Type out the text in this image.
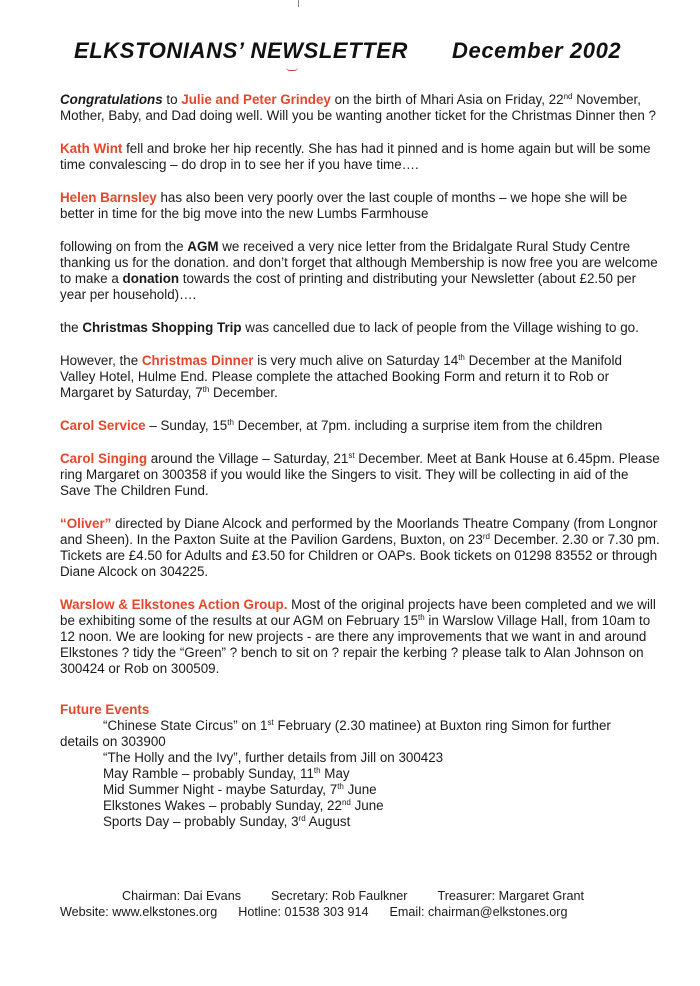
ELKSTONIANS’ NEWSLETTER December 2002

Congratulations to Julie and Peter Grindey on the birth of Mhari Asia on Friday, 22nd November, Mother, Baby, and Dad doing well. Will you be wanting another ticket for the Christmas Dinner then ?

Kath Wint fell and broke her hip recently. She has had it pinned and is home again but will be some time convalescing – do drop in to see her if you have time….

Helen Barnsley has also been very poorly over the last couple of months – we hope she will be better in time for the big move into the new Lumbs Farmhouse

following on from the AGM we received a very nice letter from the Bridalgate Rural Study Centre thanking us for the donation. and don’t forget that although Membership is now free you are welcome to make a donation towards the cost of printing and distributing your Newsletter (about £2.50 per year per household)….

the Christmas Shopping Trip was cancelled due to lack of people from the Village wishing to go.

However, the Christmas Dinner is very much alive on Saturday 14th December at the Manifold Valley Hotel, Hulme End. Please complete the attached Booking Form and return it to Rob or Margaret by Saturday, 7th December.

Carol Service – Sunday, 15th December, at 7pm. including a surprise item from the children

Carol Singing around the Village – Saturday, 21st December. Meet at Bank House at 6.45pm. Please ring Margaret on 300358 if you would like the Singers to visit. They will be collecting in aid of the Save The Children Fund.

“Oliver” directed by Diane Alcock and performed by the Moorlands Theatre Company (from Longnor and Sheen). In the Paxton Suite at the Pavilion Gardens, Buxton, on 23rd December. 2.30 or 7.30 pm. Tickets are £4.50 for Adults and £3.50 for Children or OAPs. Book tickets on 01298 83552 or through Diane Alcock on 304225.

Warslow & Elkstones Action Group. Most of the original projects have been completed and we will be exhibiting some of the results at our AGM on February 15th in Warslow Village Hall, from 10am to 12 noon. We are looking for new projects - are there any improvements that we want in and around Elkstones ? tidy the “Green” ? bench to sit on ? repair the kerbing ? please talk to Alan Johnson on 300424 or Rob on 300509.

Future Events
“Chinese State Circus” on 1st February (2.30 matinee) at Buxton ring Simon for further
details on 303900
“The Holly and the Ivy”, further details from Jill on 300423
May Ramble – probably Sunday, 11th May
Mid Summer Night - maybe Saturday, 7th June
Elkstones Wakes – probably Sunday, 22nd June
Sports Day – probably Sunday, 3rd August
Chairman: Dai Evans Secretary: Rob Faulkner Treasurer: Margaret Grant
Website: www.elkstones.org Hotline: 01538 303 914 Email: chairman@elkstones.org
